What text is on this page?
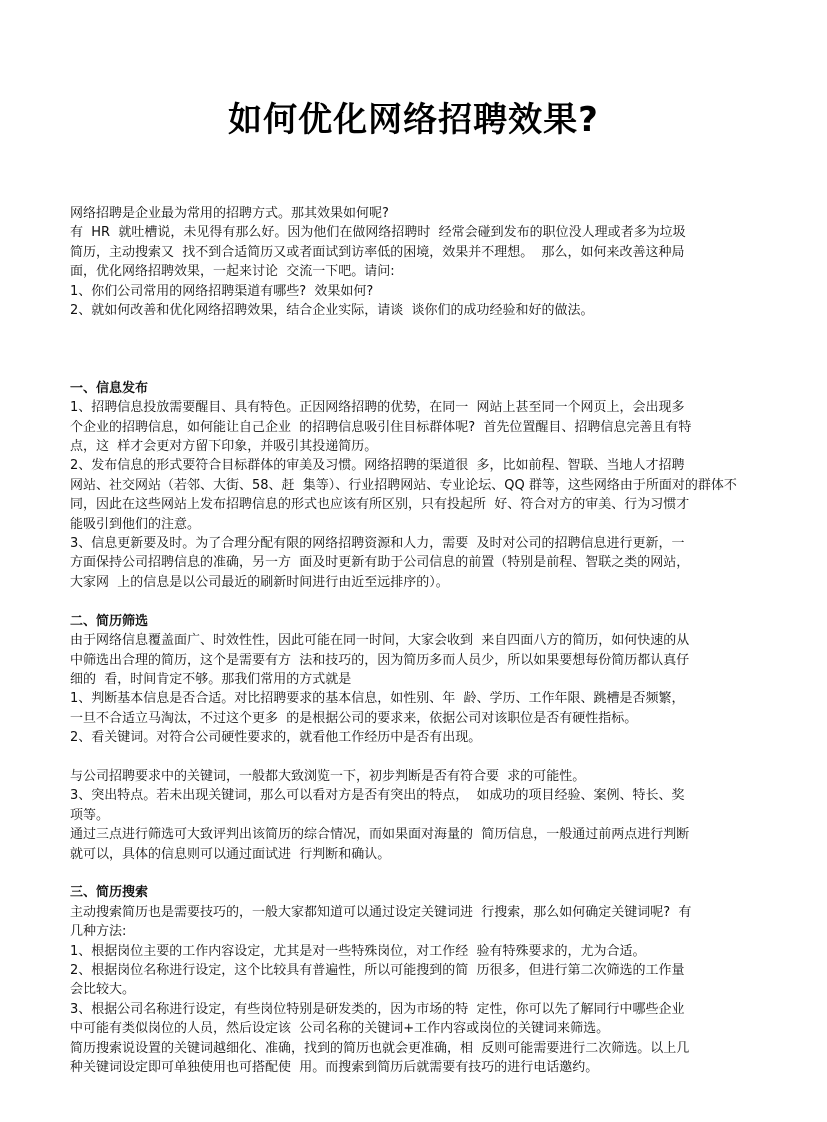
如何优化网络招聘效果?

网络招聘是企业最为常用的招聘方式。那其效果如何呢?

有  HR  就吐槽说，未见得有那么好。因为他们在做网络招聘时  经常会碰到发布的职位没人理或者多为垃圾

简历，主动搜索又  找不到合适简历又或者面试到访率低的困境，效果并不理想。  那么，如何来改善这种局

面，优化网络招聘效果，一起来讨论  交流一下吧。请问:

1、你们公司常用的网络招聘渠道有哪些?  效果如何?

2、就如何改善和优化网络招聘效果，结合企业实际，请谈  谈你们的成功经验和好的做法。

一、信息发布

1、招聘信息投放需要醒目、具有特色。正因网络招聘的优势，在同一  网站上甚至同一个网页上，会出现多

个企业的招聘信息，如何能让自己企业  的招聘信息吸引住目标群体呢?  首先位置醒目、招聘信息完善且有特

点，这  样才会更对方留下印象，并吸引其投递简历。

2、发布信息的形式要符合目标群体的审美及习惯。网络招聘的渠道很  多，比如前程、智联、当地人才招聘

网站、社交网站（若邻、大街、58、赶  集等）、行业招聘网站、专业论坛、QQ 群等，这些网络由于所面对的群体不

同，因此在这些网站上发布招聘信息的形式也应该有所区别，只有投起所  好、符合对方的审美、行为习惯才

能吸引到他们的注意。

3、信息更新要及时。为了合理分配有限的网络招聘资源和人力，需要  及时对公司的招聘信息进行更新，一

方面保持公司招聘信息的准确，另一方  面及时更新有助于公司信息的前置（特别是前程、智联之类的网站，

大家网  上的信息是以公司最近的刷新时间进行由近至远排序的）。

二、简历筛选

由于网络信息覆盖面广、时效性性，因此可能在同一时间，大家会收到  来自四面八方的简历，如何快速的从

中筛选出合理的简历，这个是需要有方  法和技巧的，因为简历多而人员少，所以如果要想每份简历都认真仔

细的  看，时间肯定不够。那我们常用的方式就是

1、判断基本信息是否合适。对比招聘要求的基本信息，如性别、年  龄、学历、工作年限、跳槽是否频繁，

一旦不合适立马淘汰，不过这个更多  的是根据公司的要求来，依据公司对该职位是否有硬性指标。

2、看关键词。对符合公司硬性要求的，就看他工作经历中是否有出现。

与公司招聘要求中的关键词，一般都大致浏览一下，初步判断是否有符合要  求的可能性。

3、突出特点。若未出现关键词，那么可以看对方是否有突出的特点，  如成功的项目经验、案例、特长、奖

项等。

通过三点进行筛选可大致评判出该简历的综合情况，而如果面对海量的  简历信息，一般通过前两点进行判断

就可以，具体的信息则可以通过面试进  行判断和确认。

三、简历搜索

主动搜索简历也是需要技巧的，一般大家都知道可以通过设定关键词进  行搜索，那么如何确定关键词呢?  有

几种方法:

1、根据岗位主要的工作内容设定，尤其是对一些特殊岗位，对工作经  验有特殊要求的，尤为合适。

2、根据岗位名称进行设定，这个比较具有普遍性，所以可能搜到的简  历很多，但进行第二次筛选的工作量

会比较大。

3、根据公司名称进行设定，有些岗位特别是研发类的，因为市场的特  定性，你可以先了解同行中哪些企业

中可能有类似岗位的人员，然后设定该  公司名称的关键词+工作内容或岗位的关键词来筛选。

简历搜索说设置的关键词越细化、准确，找到的简历也就会更准确，相  反则可能需要进行二次筛选。以上几

种关键词设定即可单独使用也可搭配使  用。而搜索到简历后就需要有技巧的进行电话邀约。
